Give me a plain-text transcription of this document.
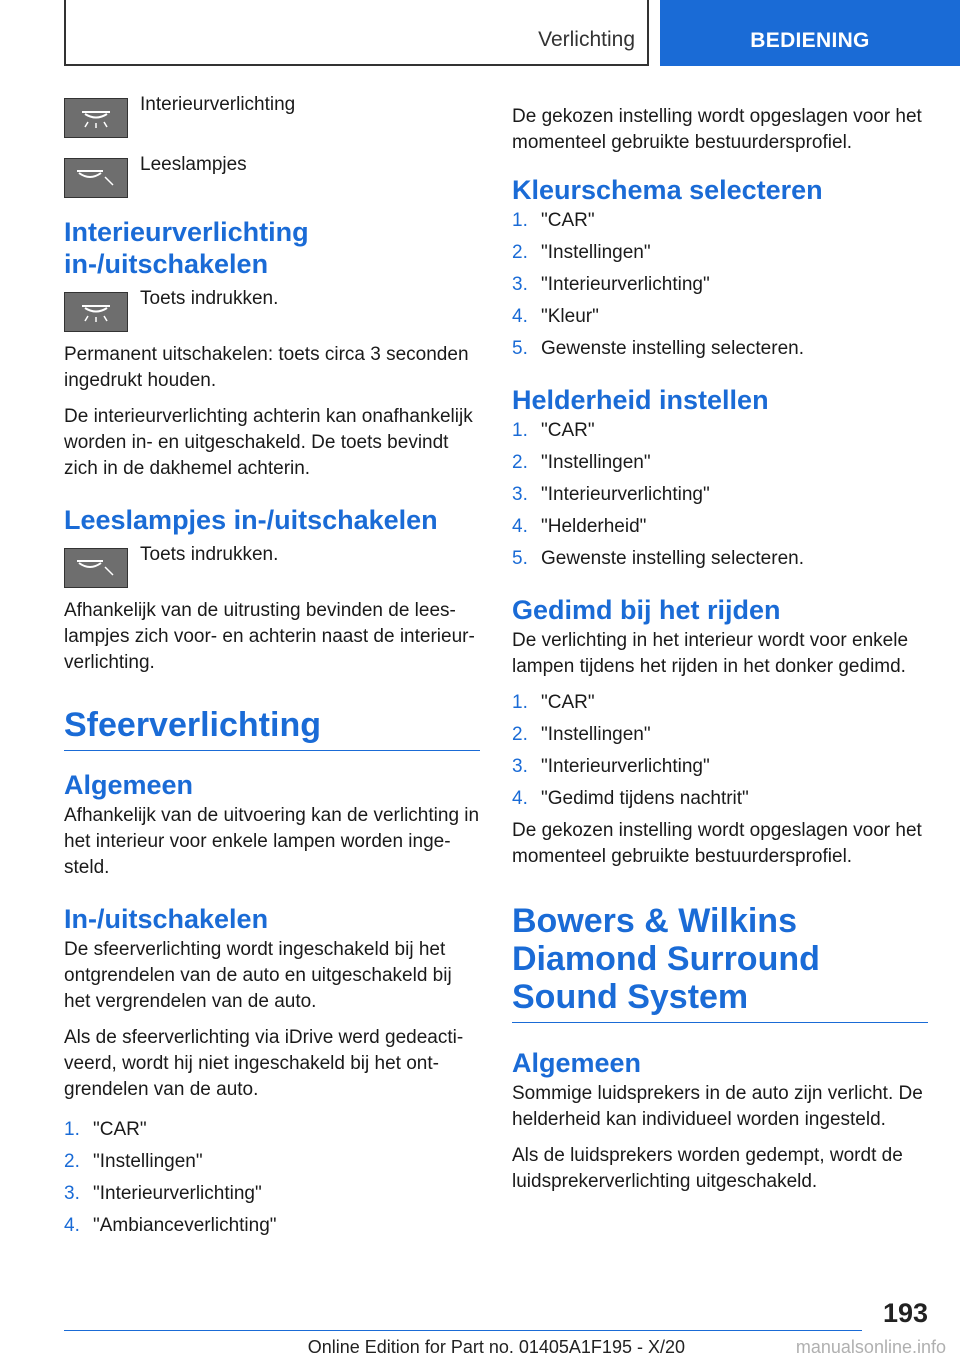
Verlichting	BEDIENING
Interieurverlichting
Leeslampjes
Interieurverlichting in-/uitschakelen
Toets indrukken.

Permanent uitschakelen: toets circa 3 seconden ingedrukt houden.

De interieurverlichting achterin kan onafhankelijk worden in- en uitgeschakeld. De toets bevindt zich in de dakhemel achterin.

Leeslampjes in-/uitschakelen
Toets indrukken.

Afhankelijk van de uitrusting bevinden de leeslampjes zich voor- en achterin naast de interieurverlichting.

Sfeerverlichting
Algemeen

Afhankelijk van de uitvoering kan de verlichting in het interieur voor enkele lampen worden ingesteld.

In-/uitschakelen

De sfeerverlichting wordt ingeschakeld bij het ontgrendelen van de auto en uitgeschakeld bij het vergrendelen van de auto.

Als de sfeerverlichting via iDrive werd gedeactiveerd, wordt hij niet ingeschakeld bij het ontgrendelen van de auto.

1. "CAR"
2. "Instellingen"
3. "Interieurverlichting"
4. "Ambianceverlichting"

De gekozen instelling wordt opgeslagen voor het momenteel gebruikte bestuurdersprofiel.

Kleurschema selecteren
1. "CAR"
2. "Instellingen"
3. "Interieurverlichting"
4. "Kleur"
5. Gewenste instelling selecteren.
Helderheid instellen
1. "CAR"
2. "Instellingen"
3. "Interieurverlichting"
4. "Helderheid"
5. Gewenste instelling selecteren.
Gedimd bij het rijden

De verlichting in het interieur wordt voor enkele lampen tijdens het rijden in het donker gedimd.

1. "CAR"
2. "Instellingen"
3. "Interieurverlichting"
4. "Gedimd tijdens nachtrit"

De gekozen instelling wordt opgeslagen voor het momenteel gebruikte bestuurdersprofiel.

Bowers & Wilkins Diamond Surround Sound System
Algemeen

Sommige luidsprekers in de auto zijn verlicht. De helderheid kan individueel worden ingesteld.

Als de luidsprekers worden gedempt, wordt de luidsprekerverlichting uitgeschakeld.

193
Online Edition for Part no. 01405A1F195 - X/20	manualsonline.info
